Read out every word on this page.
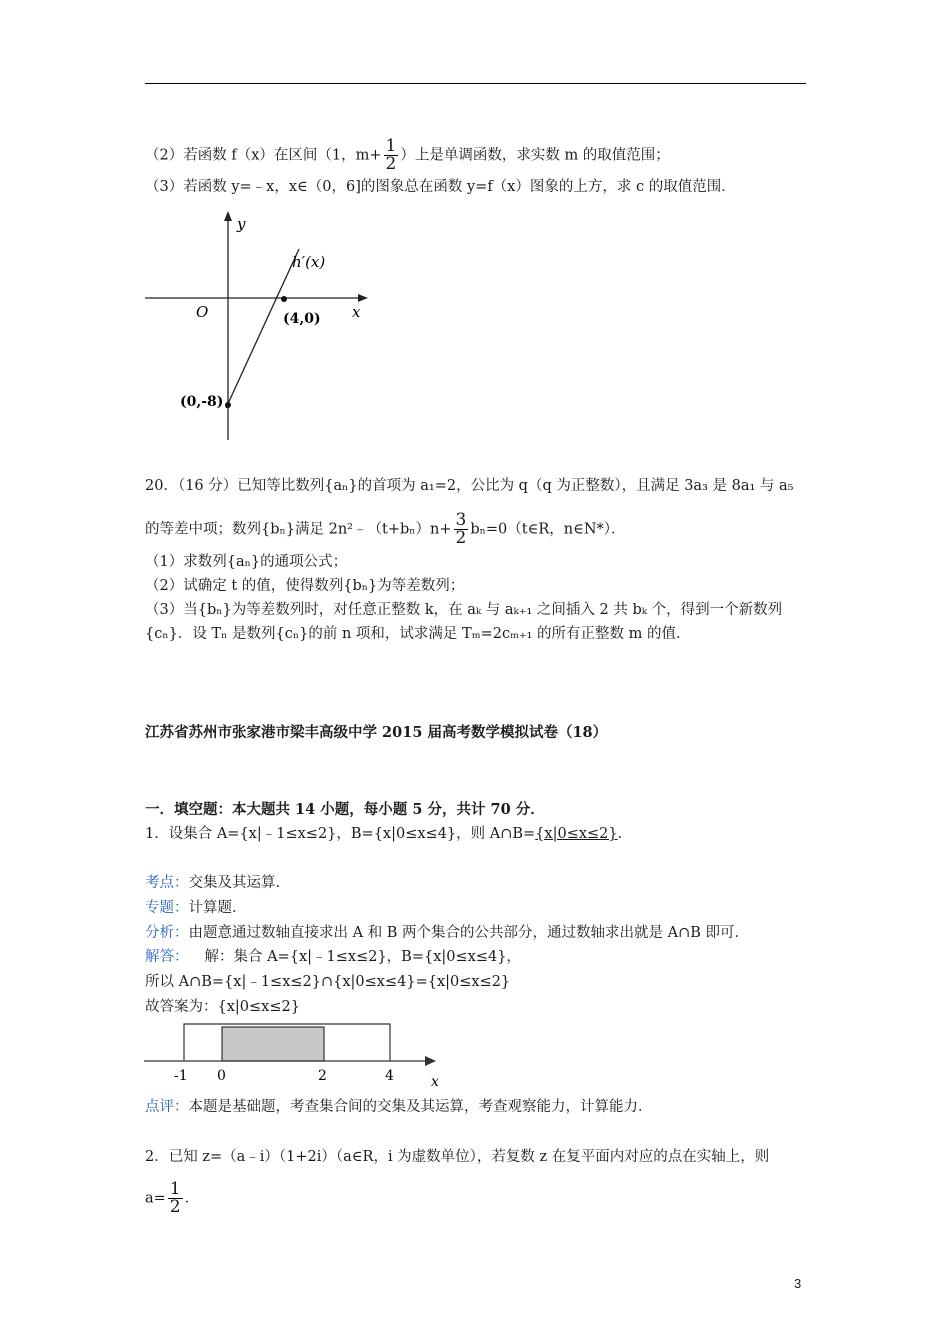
（2）若函数 f（x）在区间（1，$m+ \frac{1}{2}$ ）上是单调函数，求实数 m 的取值范围；
（3）若函数 y=﹣x，x∈（0，6]的图象总在函数 y=f（x）图象的上方，求 c 的取值范围．
y
x
O
h′(x)
(4,0)
(0,-8)
20．（16 分）已知等比数列{aₙ}的首项为 a₁=2，公比为 q（q 为正整数），且满足 3a₃ 是 8a₁ 与 a₅
的等差中项；数列{bₙ}满足 2n²﹣（t+bₙ）n+ $\frac{3}{2}$ bₙ=0（t∈R，n∈N*）．
（1）求数列{aₙ}的通项公式；
（2）试确定 t 的值，使得数列{bₙ}为等差数列；
（3）当{bₙ}为等差数列时，对任意正整数 k，在 aₖ 与 aₖ₊₁ 之间插入 2 共 bₖ 个，得到一个新数列
{cₙ}．设 Tₙ 是数列{cₙ}的前 n 项和，试求满足 Tₘ=2cₘ₊₁ 的所有正整数 m 的值．
江苏省苏州市张家港市梁丰高级中学 2015 届高考数学模拟试卷（18）
一．填空题：本大题共 14 小题，每小题 5 分，共计 70 分．
1．设集合 A={x|﹣1≤x≤2}，B={x|0≤x≤4}，则 A∩B={x|0≤x≤2}．
考点：交集及其运算．
专题：计算题．
分析：由题意通过数轴直接求出 A 和 B 两个集合的公共部分，通过数轴求出就是 A∩B 即可．
解答： 解：集合 A={x|﹣1≤x≤2}，B={x|0≤x≤4}，
所以 A∩B={x|﹣1≤x≤2}∩{x|0≤x≤4}={x|0≤x≤2}
故答案为：{x|0≤x≤2}
-1 0	2	4	x
点评：本题是基础题，考查集合间的交集及其运算，考查观察能力，计算能力．
2．已知 z=（a﹣i）（1+2i）（a∈R，i 为虚数单位），若复数 z 在复平面内对应的点在实轴上，则
$a= \frac{1}{2}$ ．
3
